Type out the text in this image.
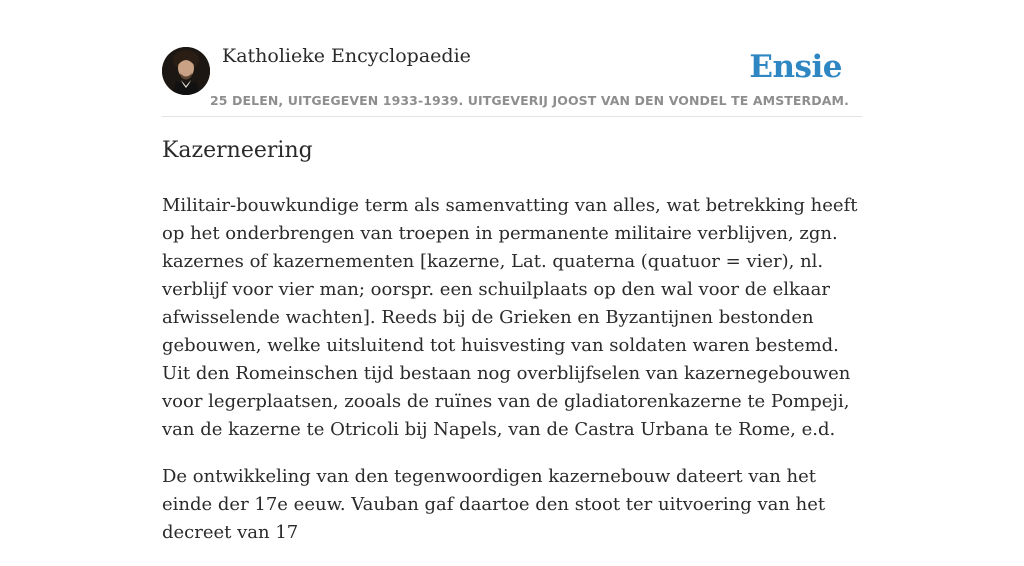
Katholieke Encyclopaedie	Ensie
25 DELEN, UITGEGEVEN 1933-1939. UITGEVERIJ JOOST VAN DEN VONDEL TE AMSTERDAM.
Kazerneering

Militair-bouwkundige term als samenvatting van alles, wat betrekking heeft op het onderbrengen van troepen in permanente militaire verblijven, zgn. kazernes of kazernementen [kazerne, Lat. quaterna (quatuor = vier), nl. verblijf voor vier man; oorspr. een schuilplaats op den wal voor de elkaar afwisselende wachten]. Reeds bij de Grieken en Byzantijnen bestonden gebouwen, welke uitsluitend tot huisvesting van soldaten waren bestemd. Uit den Romeinschen tijd bestaan nog overblijfselen van kazernegebouwen voor legerplaatsen, zooals de ruïnes van de gladiatorenkazerne te Pompeji, van de kazerne te Otricoli bij Napels, van de Castra Urbana te Rome, e.d.

De ontwikkeling van den tegenwoordigen kazernebouw dateert van het einde der 17e eeuw. Vauban gaf daartoe den stoot ter uitvoering van het decreet van 17
